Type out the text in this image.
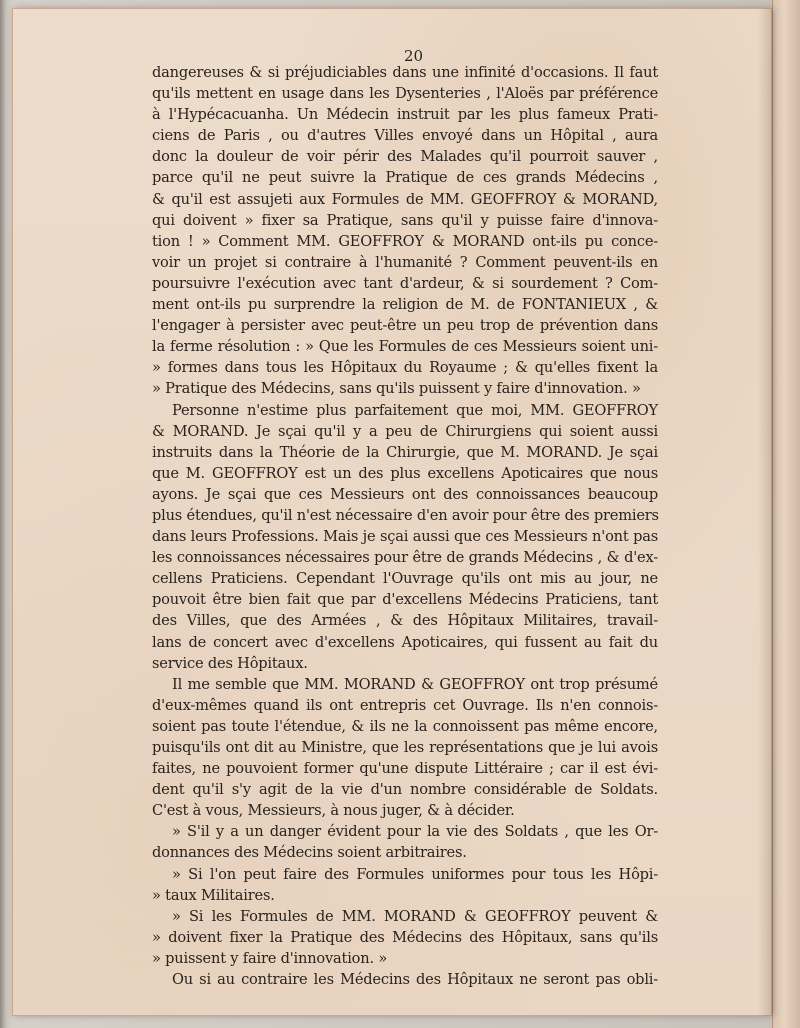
20
dangereuses & si préjudiciables dans une infinité d'occasions. Il faut
qu'ils mettent en usage dans les Dysenteries , l'Aloës par préférence
à l'Hypécacuanha. Un Médecin instruit par les plus fameux Prati-
ciens de Paris , ou d'autres Villes envoyé dans un Hôpital , aura
donc la douleur de voir périr des Malades qu'il pourroit sauver ,
parce qu'il ne peut suivre la Pratique de ces grands Médecins ,
& qu'il est assujeti aux Formules de MM. GEOFFROY & MORAND,
qui doivent » fixer sa Pratique, sans qu'il y puisse faire d'innova-
tion ! » Comment MM. GEOFFROY & MORAND ont-ils pu conce-
voir un projet si contraire à l'humanité ? Comment peuvent-ils en
poursuivre l'exécution avec tant d'ardeur, & si sourdement ? Com-
ment ont-ils pu surprendre la religion de M. de FONTANIEUX , &
l'engager à persister avec peut-être un peu trop de prévention dans
la ferme résolution : » Que les Formules de ces Messieurs soient uni-
» formes dans tous les Hôpitaux du Royaume ; & qu'elles fixent la
» Pratique des Médecins, sans qu'ils puissent y faire d'innovation. »
Personne n'estime plus parfaitement que moi, MM. GEOFFROY
& MORAND. Je sçai qu'il y a peu de Chirurgiens qui soient aussi
instruits dans la Théorie de la Chirurgie, que M. MORAND. Je sçai
que M. GEOFFROY est un des plus excellens Apoticaires que nous
ayons. Je sçai que ces Messieurs ont des connoissances beaucoup
plus étendues, qu'il n'est nécessaire d'en avoir pour être des premiers
dans leurs Professions. Mais je sçai aussi que ces Messieurs n'ont pas
les connoissances nécessaires pour être de grands Médecins , & d'ex-
cellens Praticiens. Cependant l'Ouvrage qu'ils ont mis au jour, ne
pouvoit être bien fait que par d'excellens Médecins Praticiens, tant
des Villes, que des Armées , & des Hôpitaux Militaires, travail-
lans de concert avec d'excellens Apoticaires, qui fussent au fait du
service des Hôpitaux.
Il me semble que MM. MORAND & GEOFFROY ont trop présumé
d'eux-mêmes quand ils ont entrepris cet Ouvrage. Ils n'en connois-
soient pas toute l'étendue, & ils ne la connoissent pas même encore,
puisqu'ils ont dit au Ministre, que les représentations que je lui avois
faites, ne pouvoient former qu'une dispute Littéraire ; car il est évi-
dent qu'il s'y agit de la vie d'un nombre considérable de Soldats.
C'est à vous, Messieurs, à nous juger, & à décider.
» S'il y a un danger évident pour la vie des Soldats , que les Or-
donnances des Médecins soient arbitraires.
» Si l'on peut faire des Formules uniformes pour tous les Hôpi-
» taux Militaires.
» Si les Formules de MM. MORAND & GEOFFROY peuvent &
» doivent fixer la Pratique des Médecins des Hôpitaux, sans qu'ils
» puissent y faire d'innovation. »
Ou si au contraire les Médecins des Hôpitaux ne seront pas obli-
